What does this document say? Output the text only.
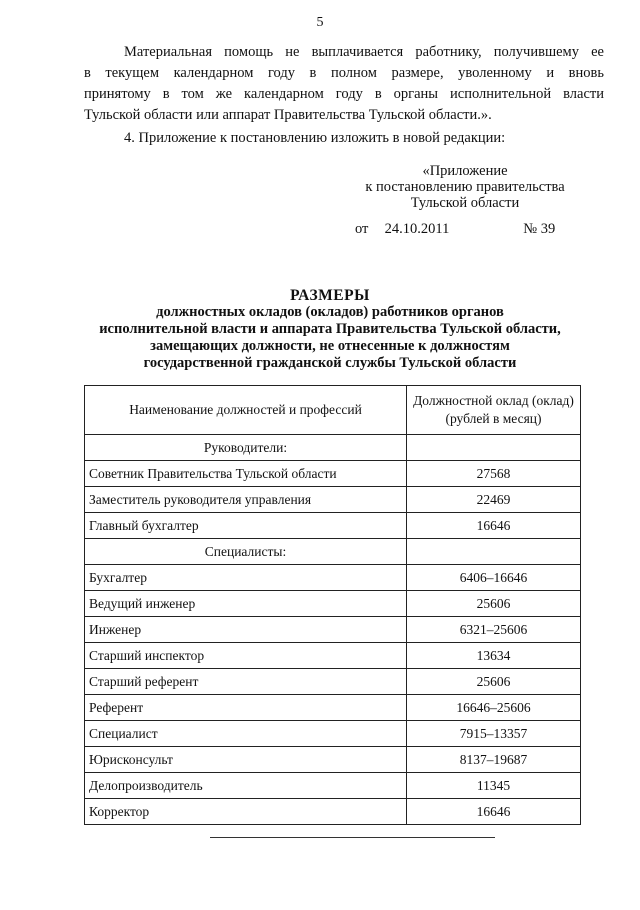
5
Материальная помощь не выплачивается работнику, получившему ее
в текущем календарном году в полном размере, уволенному и вновь
принятому в том же календарном году в органы исполнительной власти
Тульской области или аппарат Правительства Тульской области.».
4. Приложение к постановлению изложить в новой редакции:
«Приложение
к постановлению правительства
Тульской области
от 24.10.2011	№ 39
РАЗМЕРЫ
должностных окладов (окладов) работников органов
исполнительной власти и аппарата Правительства Тульской области,
замещающих должности, не отнесенные к должностям
государственной гражданской службы Тульской области
Наименование должностей и профессий	Должностной оклад (оклад)
(рублей в месяц)

Руководители:	
Советник Правительства Тульской области	27568
Заместитель руководителя управления	22469
Главный бухгалтер	16646
Специалисты:	
Бухгалтер	6406–16646
Ведущий инженер	25606
Инженер	6321–25606
Старший инспектор	13634
Старший референт	25606
Референт	16646–25606
Специалист	7915–13357
Юрисконсульт	8137–19687
Делопроизводитель	11345
Корректор	16646
